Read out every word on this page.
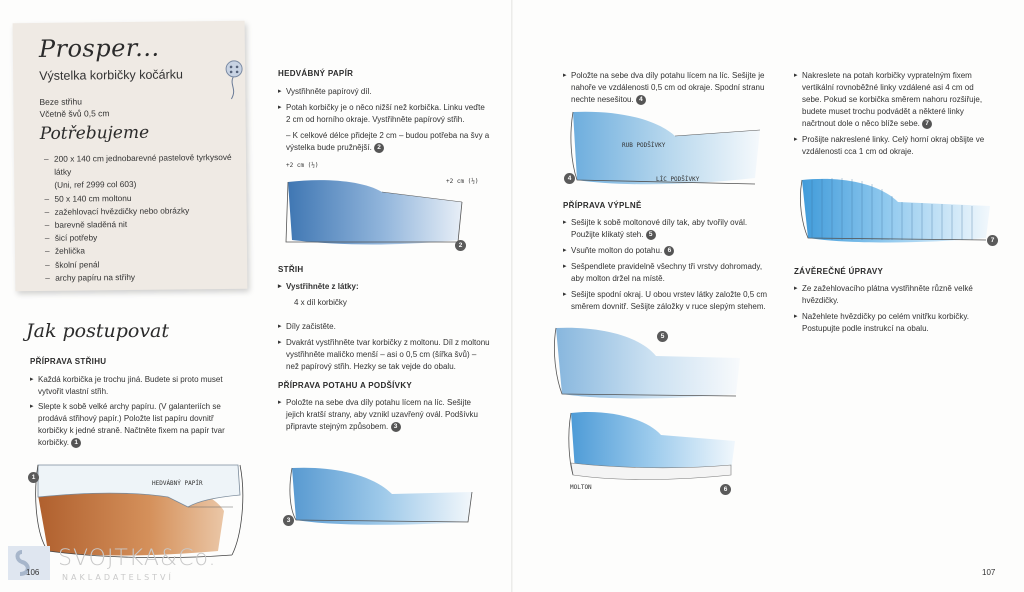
Prosper...
Výstelka korbičky kočárku
Beze střihu
Včetně švů 0,5 cm
Potřebujeme
– 200 x 140 cm jednobarevné pastelově tyrkysové látky
(Uni, ref 2999 col 603)
– 50 x 140 cm moltonu
– zažehlovací hvězdičky nebo obrázky
– barevně sladěná nit
– šicí potřeby
– žehlička
– školní penál
– archy papíru na střihy
Jak postupovat
PŘÍPRAVA STŘIHU
▸ Každá korbička je trochu jiná. Budete si proto muset vytvořit vlastní střih.
▸ Slepte k sobě velké archy papíru. (V galanteriích se prodává střihový papír.) Položte list papíru dovnitř korbičky k jedné straně. Načtněte fixem na papír tvar korbičky. 1
HEDVÁBNÝ PAPÍR
1
SVOJTKA&Co.
NAKLADATELSTVÍ
106
HEDVÁBNÝ PAPÍR
▸ Vystřihněte papírový díl.
▸ Potah korbičky je o něco nižší než korbička. Linku veďte 2 cm od horního okraje. Vystřihněte papírový střih.
– K celkové délce přidejte 2 cm – budou potřeba na švy a výstelka bude pružnější. 2
+2 cm (½)
+2 cm (½)
2
STŘIH
▸ Vystřihněte z látky:
4 x díl korbičky
▸ Díly začistěte.
▸ Dvakrát vystřihněte tvar korbičky z moltonu. Díl z moltonu vystřihněte maličko menší – asi o 0,5 cm (šířka švů) – než papírový střih. Hezky se tak vejde do obalu.
PŘÍPRAVA POTAHU A PODŠÍVKY
▸ Položte na sebe dva díly potahu lícem na líc. Sešijte jejich kratší strany, aby vznikl uzavřený ovál. Podšívku připravte stejným způsobem. 3
3
▸ Položte na sebe dva díly potahu lícem na líc. Sešijte je nahoře ve vzdálenosti 0,5 cm od okraje. Spodní stranu nechte nesešitou. 4
RUB PODŠÍVKY
LÍC PODŠÍVKY
4
PŘÍPRAVA VÝPLNĚ
▸ Sešijte k sobě moltonové díly tak, aby tvořily ovál. Použijte klikatý steh. 5
▸ Vsuňte molton do potahu. 6
▸ Sešpendlete pravidelně všechny tři vrstvy dohromady, aby molton držel na místě.
▸ Sešijte spodní okraj. U obou vrstev látky založte 0,5 cm směrem dovnitř. Sešijte záložky v ruce slepým stehem.
5
MOLTON	6
▸ Nakreslete na potah korbičky vypratelným fixem vertikální rovnoběžné linky vzdálené asi 4 cm od sebe. Pokud se korbička směrem nahoru rozšiřuje, budete muset trochu podvádět a některé linky načrtnout dole o něco blíže sebe. 7
▸ Prošijte nakreslené linky. Celý horní okraj obšijte ve vzdálenosti cca 1 cm od okraje.
7
ZÁVĚREČNÉ ÚPRAVY
▸ Ze zažehlovacího plátna vystřihněte různě velké hvězdičky.
▸ Nažehlete hvězdičky po celém vnitřku korbičky. Postupujte podle instrukcí na obalu.
107
